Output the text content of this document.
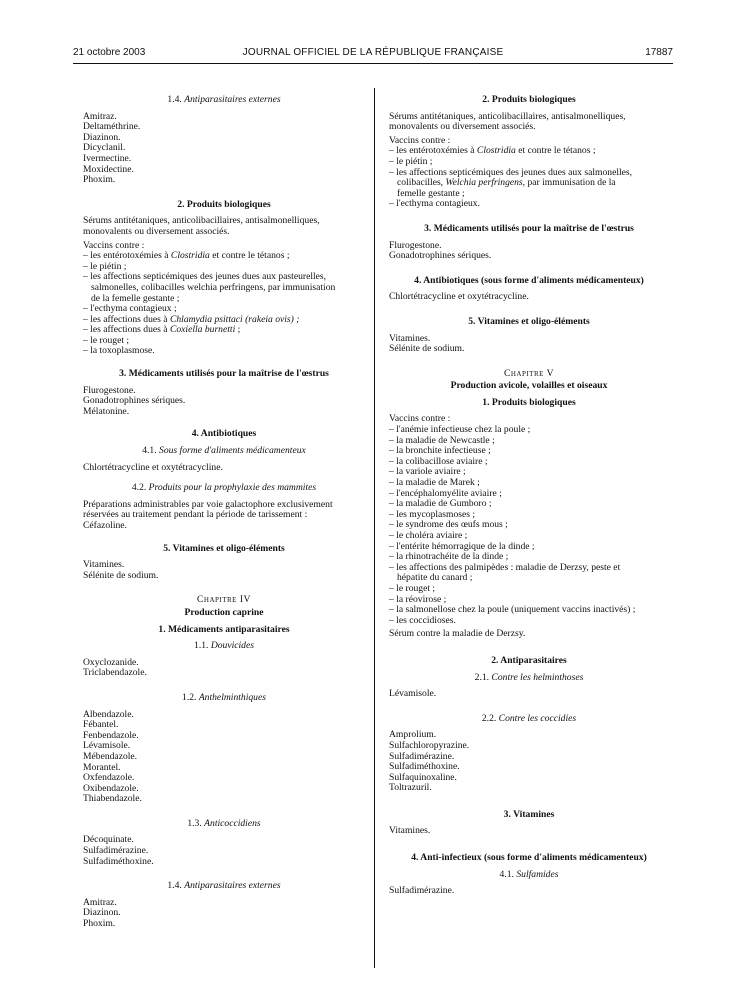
21 octobre 2003	JOURNAL OFFICIEL DE LA RÉPUBLIQUE FRANÇAISE	17887
1.4. Antiparasitaires externes
Amitraz.
Deltaméthrine.
Diazinon.
Dicyclanil.
Ivermectine.
Moxidectine.
Phoxim.
2. Produits biologiques
Sérums antitétaniques, anticolibacillaires, antisalmonelliques,
monovalents ou diversement associés.
Vaccins contre :
– les entérotoxémies à Clostridia et contre le tétanos ;
– le piétin ;
– les affections septicémiques des jeunes dues aux pasteurelles,
salmonelles, colibacilles welchia perfringens, par immunisation
de la femelle gestante ;
– l'ecthyma contagieux ;
– les affections dues à Chlamydia psittaci (rakeia ovis) ;
– les affections dues à Coxiella burnetti ;
– le rouget ;
– la toxoplasmose.
3. Médicaments utilisés pour la maîtrise de l'œstrus
Flurogestone.
Gonadotrophines sériques.
Mélatonine.
4. Antibiotiques
4.1. Sous forme d'aliments médicamenteux
Chlortétracycline et oxytétracycline.
4.2. Produits pour la prophylaxie des mammites
Préparations administrables par voie galactophore exclusivement
réservées au traitement pendant la période de tarissement :
Céfazoline.
5. Vitamines et oligo-éléments
Vitamines.
Sélénite de sodium.
Chapitre IV
Production caprine
1. Médicaments antiparasitaires
1.1. Douvicides
Oxyclozanide.
Triclabendazole.
1.2. Anthelminthiques
Albendazole.
Fébantel.
Fenbendazole.
Lévamisole.
Mébendazole.
Morantel.
Oxfendazole.
Oxibendazole.
Thiabendazole.
1.3. Anticoccidiens
Décoquinate.
Sulfadimérazine.
Sulfadiméthoxine.
1.4. Antiparasitaires externes
Amitraz.
Diazinon.
Phoxim.
2. Produits biologiques
Sérums antitétaniques, anticolibacillaires, antisalmonelliques,
monovalents ou diversement associés.
Vaccins contre :
– les entérotoxémies à Clostridia et contre le tétanos ;
– le piétin ;
– les affections septicémiques des jeunes dues aux salmonelles,
colibacilles, Welchia perfringens, par immunisation de la
femelle gestante ;
– l'ecthyma contagieux.
3. Médicaments utilisés pour la maîtrise de l'œstrus
Flurogestone.
Gonadotrophines sériques.
4. Antibiotiques (sous forme d'aliments médicamenteux)
Chlortétracycline et oxytétracycline.
5. Vitamines et oligo-éléments
Vitamines.
Sélénite de sodium.
Chapitre V
Production avicole, volailles et oiseaux
1. Produits biologiques
Vaccins contre :
– l'anémie infectieuse chez la poule ;
– la maladie de Newcastle ;
– la bronchite infectieuse ;
– la colibacillose aviaire ;
– la variole aviaire ;
– la maladie de Marek ;
– l'encéphalomyélite aviaire ;
– la maladie de Gumboro ;
– les mycoplasmoses ;
– le syndrome des œufs mous ;
– le choléra aviaire ;
– l'entérite hémorragique de la dinde ;
– la rhinotrachéite de la dinde ;
– les affections des palmipèdes : maladie de Derzsy, peste et
hépatite du canard ;
– le rouget ;
– la réovirose ;
– la salmonellose chez la poule (uniquement vaccins inactivés) ;
– les coccidioses.
Sérum contre la maladie de Derzsy.
2. Antiparasitaires
2.1. Contre les helminthoses
Lévamisole.
2.2. Contre les coccidies
Amprolium.
Sulfachloropyrazine.
Sulfadimérazine.
Sulfadiméthoxine.
Sulfaquinoxaline.
Toltrazuril.
3. Vitamines
Vitamines.
4. Anti-infectieux (sous forme d'aliments médicamenteux)
4.1. Sulfamides
Sulfadimérazine.
